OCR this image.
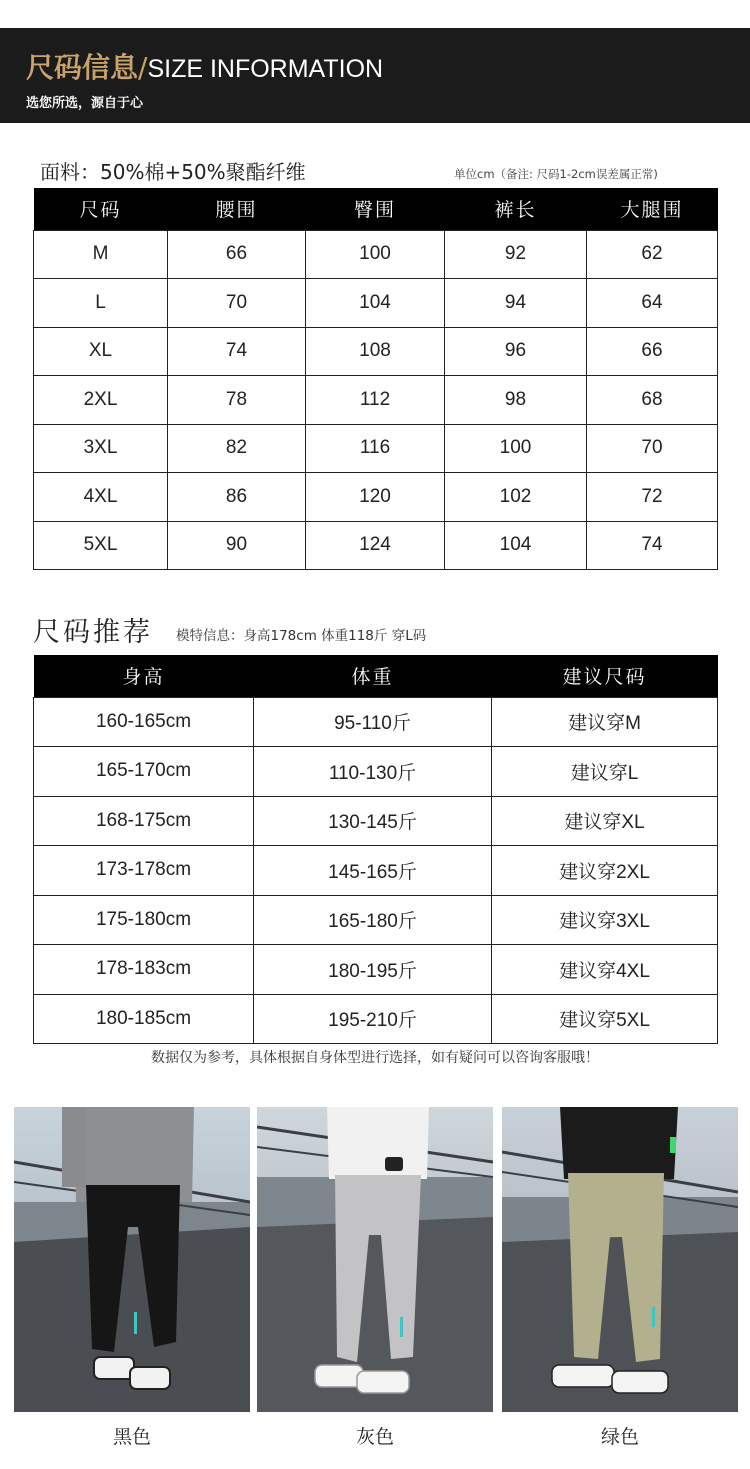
尺码信息/SIZE INFORMATION
选您所选，源自于心
面料：50%棉+50%聚酯纤维	单位cm（备注: 尺码1-2cm误差属正常)
尺码	腰围	臀围	裤长	大腿围
M	66	100	92	62
L	70	104	94	64
XL	74	108	96	66
2XL	78	112	98	68
3XL	82	116	100	70
4XL	86	120	102	72
5XL	90	124	104	74
尺码推荐 模特信息：身高178cm 体重118斤 穿L码
身高	体重	建议尺码
160-165cm	95-110斤	建议穿M
165-170cm	110-130斤	建议穿L
168-175cm	130-145斤	建议穿XL
173-178cm	145-165斤	建议穿2XL
175-180cm	165-180斤	建议穿3XL
178-183cm	180-195斤	建议穿4XL
180-185cm	195-210斤	建议穿5XL
数据仅为参考，具体根据自身体型进行选择，如有疑问可以咨询客服哦！
黑色	灰色	绿色
